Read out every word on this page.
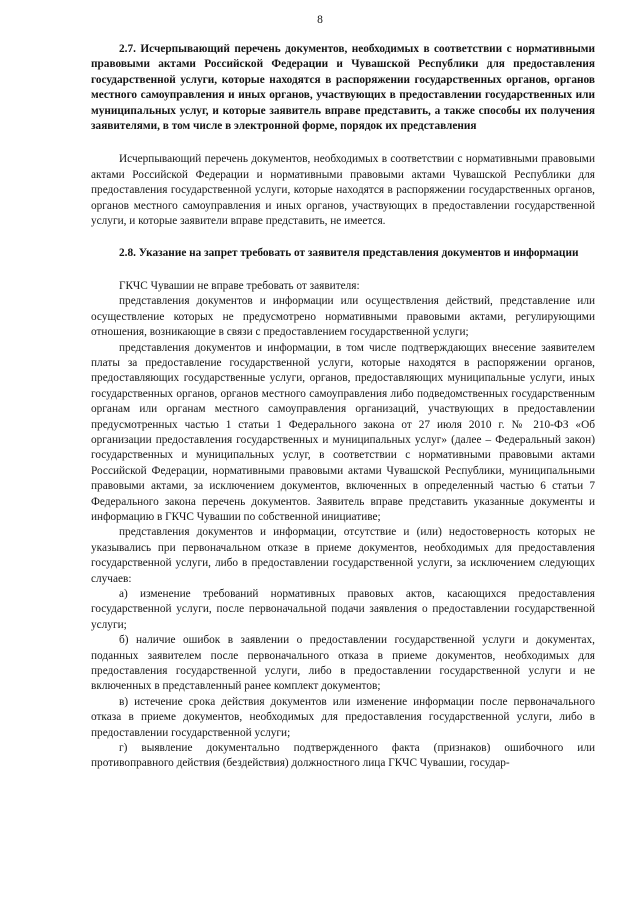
8

2.7. Исчерпывающий перечень документов, необходимых в соответствии с нормативными правовыми актами Российской Федерации и Чувашской Республики для предоставления государственной услуги, которые находятся в распоряжении государственных органов, органов местного самоуправления и иных органов, участвующих в предоставлении государственных или муниципальных услуг, и которые заявитель вправе представить, а также способы их получения заявителями, в том числе в электронной форме, порядок их представления

Исчерпывающий перечень документов, необходимых в соответствии с нормативными правовыми актами Российской Федерации и нормативными правовыми актами Чувашской Республики для предоставления государственной услуги, которые находятся в распоряжении государственных органов, органов местного самоуправления и иных органов, участвующих в предоставлении государственной услуги, и которые заявители вправе представить, не имеется.

2.8. Указание на запрет требовать от заявителя представления документов и информации

ГКЧС Чувашии не вправе требовать от заявителя:

представления документов и информации или осуществления действий, представление или осуществление которых не предусмотрено нормативными правовыми актами, регулирующими отношения, возникающие в связи с предоставлением государственной услуги;

представления документов и информации, в том числе подтверждающих внесение заявителем платы за предоставление государственной услуги, которые находятся в распоряжении органов, предоставляющих государственные услуги, органов, предоставляющих муниципальные услуги, иных государственных органов, органов местного самоуправления либо подведомственных государственным органам или органам местного самоуправления организаций, участвующих в предоставлении предусмотренных частью 1 статьи 1 Федерального закона от 27 июля 2010 г. № 210-ФЗ «Об организации предоставления государственных и муниципальных услуг» (далее – Федеральный закон) государственных и муниципальных услуг, в соответствии с нормативными правовыми актами Российской Федерации, нормативными правовыми актами Чувашской Республики, муниципальными правовыми актами, за исключением документов, включенных в определенный частью 6 статьи 7 Федерального закона перечень документов. Заявитель вправе представить указанные документы и информацию в ГКЧС Чувашии по собственной инициативе;

представления документов и информации, отсутствие и (или) недостоверность которых не указывались при первоначальном отказе в приеме документов, необходимых для предоставления государственной услуги, либо в предоставлении государственной услуги, за исключением следующих случаев:

а) изменение требований нормативных правовых актов, касающихся предоставления государственной услуги, после первоначальной подачи заявления о предоставлении государственной услуги;

б) наличие ошибок в заявлении о предоставлении государственной услуги и документах, поданных заявителем после первоначального отказа в приеме документов, необходимых для предоставления государственной услуги, либо в предоставлении государственной услуги и не включенных в представленный ранее комплект документов;

в) истечение срока действия документов или изменение информации после первоначального отказа в приеме документов, необходимых для предоставления государственной услуги, либо в предоставлении государственной услуги;

г) выявление документально подтвержденного факта (признаков) ошибочного или противоправного действия (бездействия) должностного лица ГКЧС Чувашии, государ-
